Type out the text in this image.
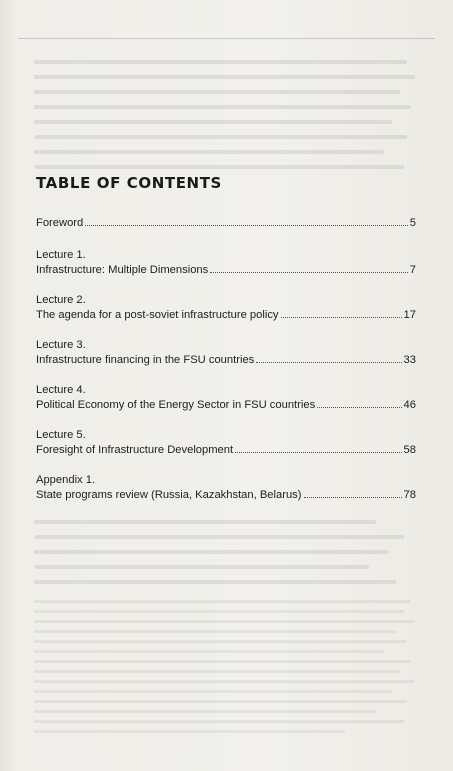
TABLE OF CONTENTS
Foreword	5
Lecture 1.
Infrastructure: Multiple Dimensions	7
Lecture 2.
The agenda for a post-soviet infrastructure policy	17
Lecture 3.
Infrastructure financing in the FSU countries	33
Lecture 4.
Political Economy of the Energy Sector in FSU countries	46
Lecture 5.
Foresight of Infrastructure Development	58
Appendix 1.
State programs review (Russia, Kazakhstan, Belarus)	78
